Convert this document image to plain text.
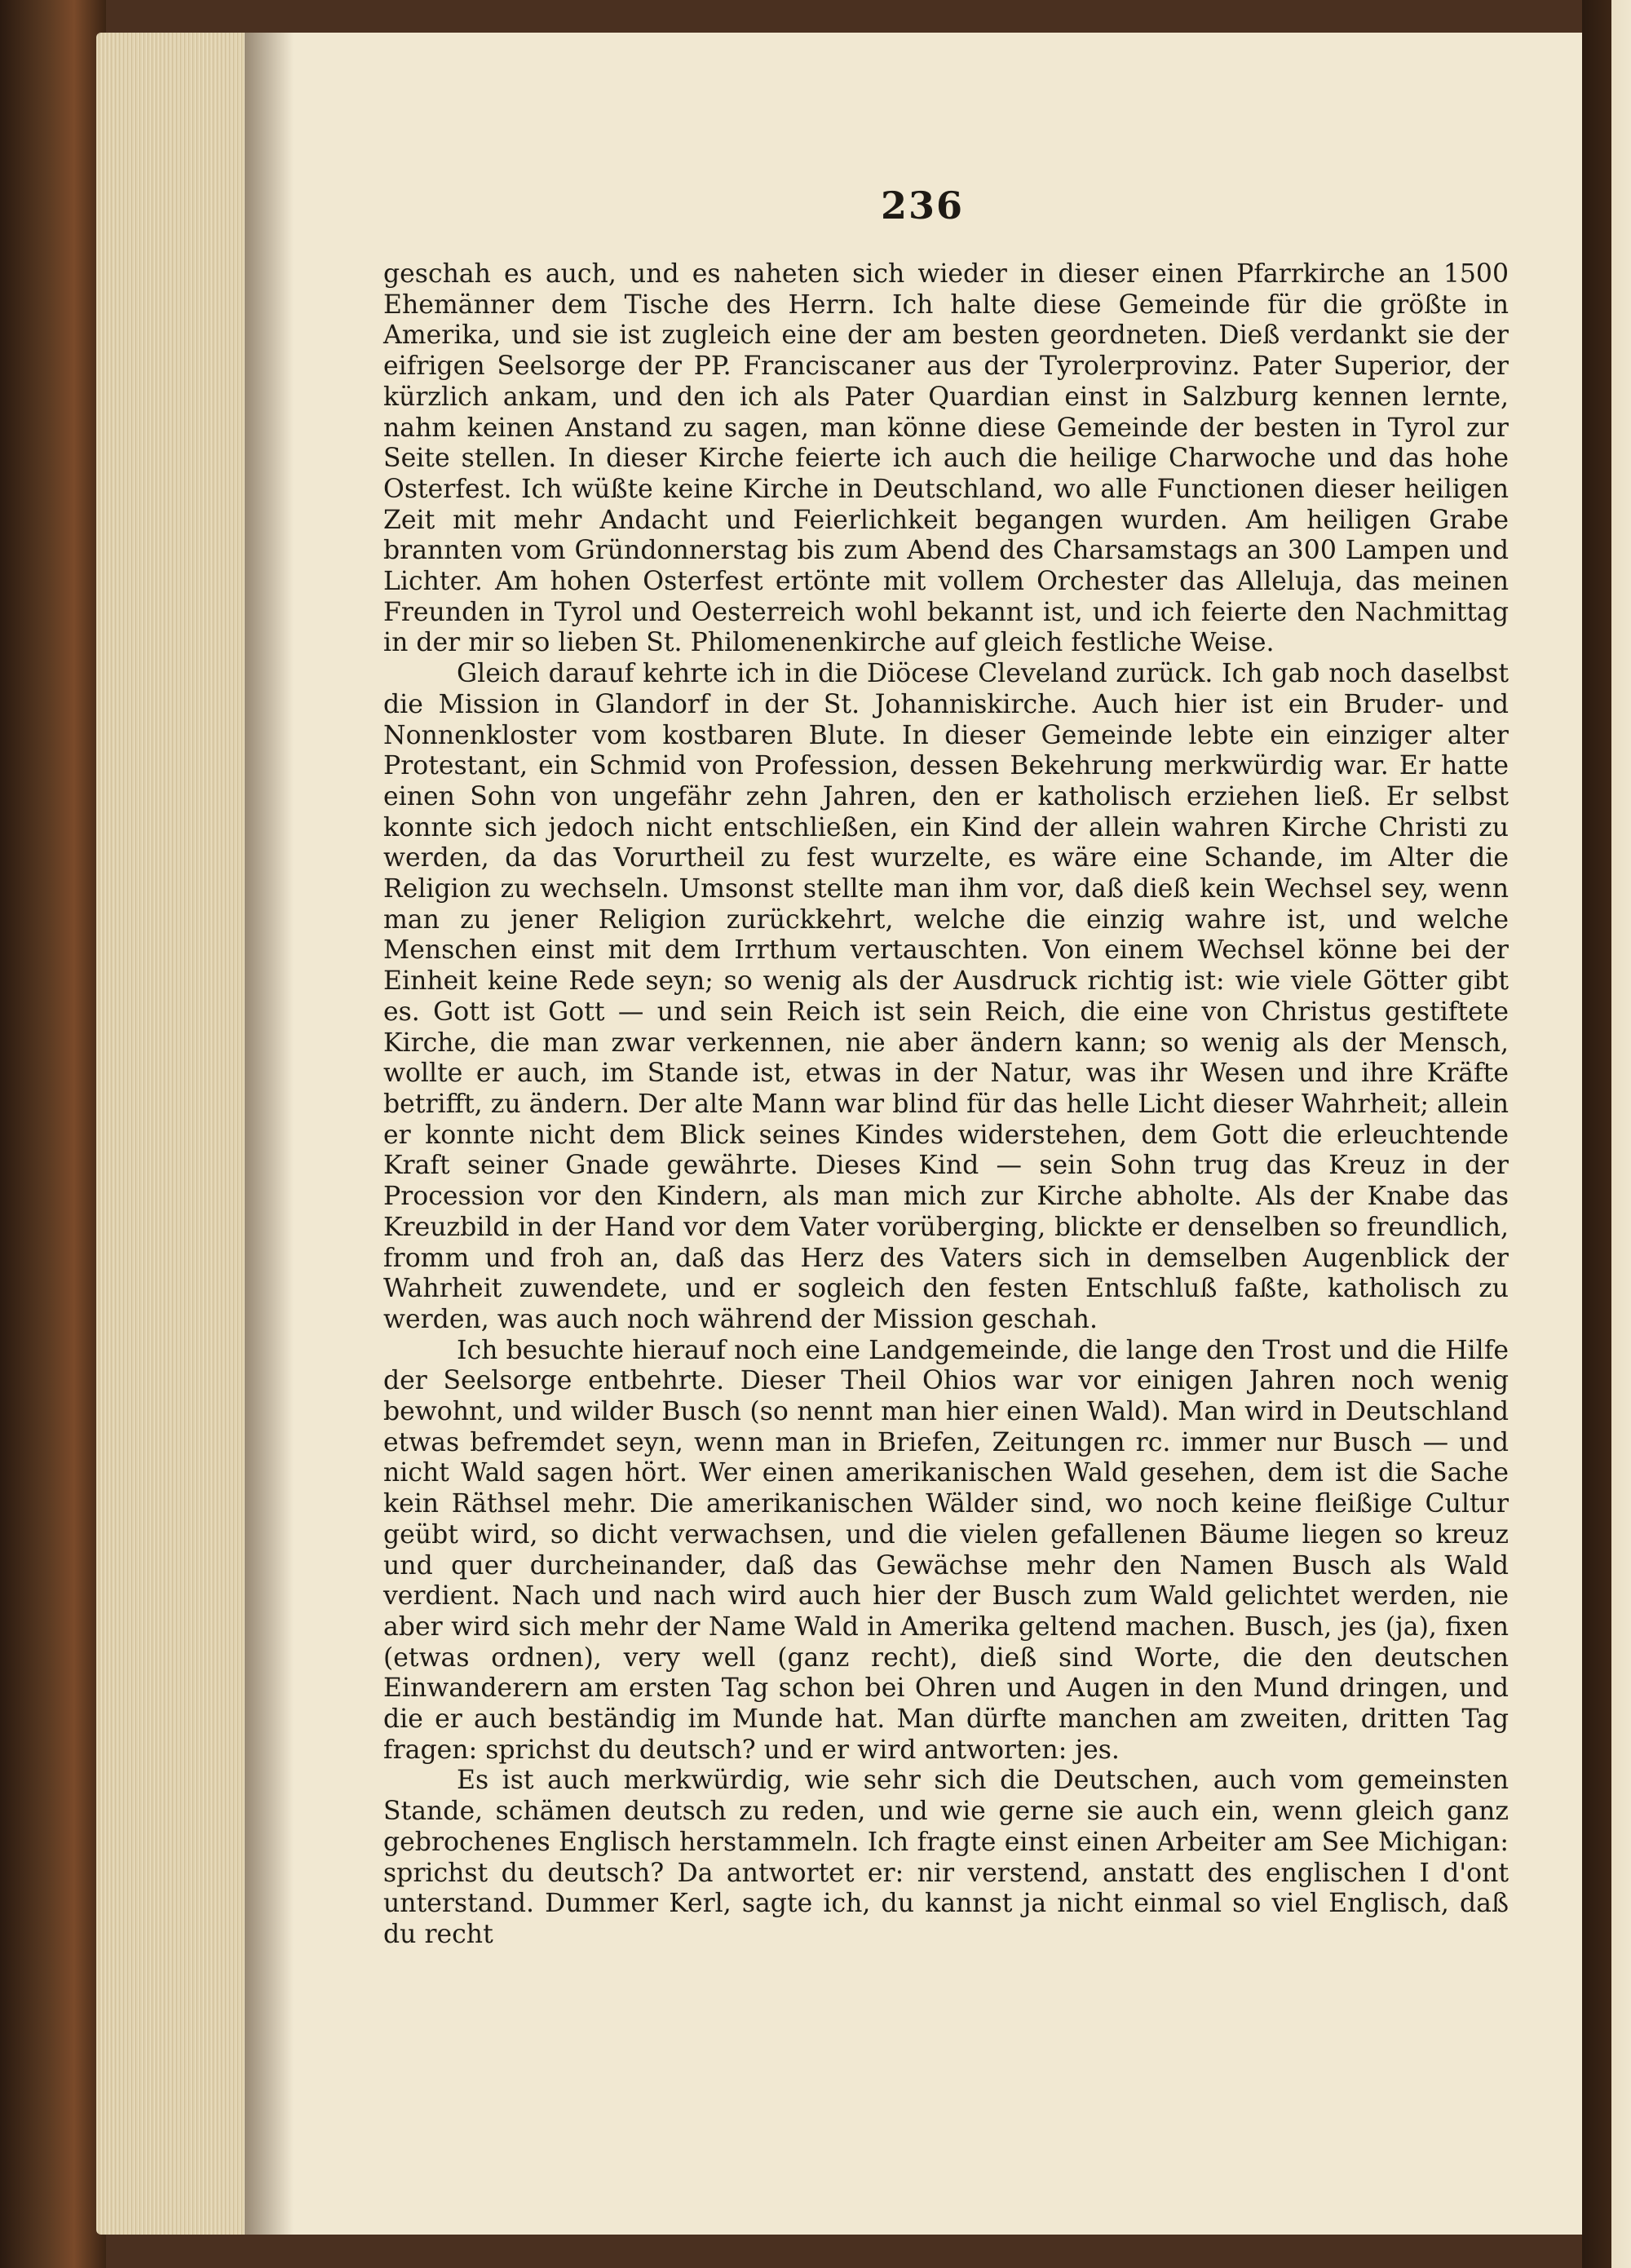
236

geschah es auch, und es naheten sich wieder in dieser einen Pfarrkirche an 1500 Ehemänner dem Tische des Herrn. Ich halte diese Gemeinde für die größte in Amerika, und sie ist zugleich eine der am besten geordneten. Dieß verdankt sie der eifrigen Seelsorge der PP. Franciscaner aus der Tyrolerprovinz. Pater Superior, der kürzlich ankam, und den ich als Pater Quardian einst in Salzburg kennen lernte, nahm keinen Anstand zu sagen, man könne diese Gemeinde der besten in Tyrol zur Seite stellen. In dieser Kirche feierte ich auch die heilige Charwoche und das hohe Osterfest. Ich wüßte keine Kirche in Deutschland, wo alle Functionen dieser heiligen Zeit mit mehr Andacht und Feierlichkeit begangen wurden. Am heiligen Grabe brannten vom Gründonnerstag bis zum Abend des Charsamstags an 300 Lampen und Lichter. Am hohen Osterfest ertönte mit vollem Orchester das Alleluja, das meinen Freunden in Tyrol und Oesterreich wohl bekannt ist, und ich feierte den Nachmittag in der mir so lieben St. Philomenenkirche auf gleich festliche Weise.

Gleich darauf kehrte ich in die Diöcese Cleveland zurück. Ich gab noch daselbst die Mission in Glandorf in der St. Johanniskirche. Auch hier ist ein Bruder- und Nonnenkloster vom kostbaren Blute. In dieser Gemeinde lebte ein einziger alter Protestant, ein Schmid von Profession, dessen Bekehrung merkwürdig war. Er hatte einen Sohn von ungefähr zehn Jahren, den er katholisch erziehen ließ. Er selbst konnte sich jedoch nicht entschließen, ein Kind der allein wahren Kirche Christi zu werden, da das Vorurtheil zu fest wurzelte, es wäre eine Schande, im Alter die Religion zu wechseln. Umsonst stellte man ihm vor, daß dieß kein Wechsel sey, wenn man zu jener Religion zurückkehrt, welche die einzig wahre ist, und welche Menschen einst mit dem Irrthum vertauschten. Von einem Wechsel könne bei der Einheit keine Rede seyn; so wenig als der Ausdruck richtig ist: wie viele Götter gibt es. Gott ist Gott — und sein Reich ist sein Reich, die eine von Christus gestiftete Kirche, die man zwar verkennen, nie aber ändern kann; so wenig als der Mensch, wollte er auch, im Stande ist, etwas in der Natur, was ihr Wesen und ihre Kräfte betrifft, zu ändern. Der alte Mann war blind für das helle Licht dieser Wahrheit; allein er konnte nicht dem Blick seines Kindes widerstehen, dem Gott die erleuchtende Kraft seiner Gnade gewährte. Dieses Kind — sein Sohn trug das Kreuz in der Procession vor den Kindern, als man mich zur Kirche abholte. Als der Knabe das Kreuzbild in der Hand vor dem Vater vorüberging, blickte er denselben so freundlich, fromm und froh an, daß das Herz des Vaters sich in demselben Augenblick der Wahrheit zuwendete, und er sogleich den festen Entschluß faßte, katholisch zu werden, was auch noch während der Mission geschah.

Ich besuchte hierauf noch eine Landgemeinde, die lange den Trost und die Hilfe der Seelsorge entbehrte. Dieser Theil Ohios war vor einigen Jahren noch wenig bewohnt, und wilder Busch (so nennt man hier einen Wald). Man wird in Deutschland etwas befremdet seyn, wenn man in Briefen, Zeitungen rc. immer nur Busch — und nicht Wald sagen hört. Wer einen amerikanischen Wald gesehen, dem ist die Sache kein Räthsel mehr. Die amerikanischen Wälder sind, wo noch keine fleißige Cultur geübt wird, so dicht verwachsen, und die vielen gefallenen Bäume liegen so kreuz und quer durcheinander, daß das Gewächse mehr den Namen Busch als Wald verdient. Nach und nach wird auch hier der Busch zum Wald gelichtet werden, nie aber wird sich mehr der Name Wald in Amerika geltend machen. Busch, jes (ja), fixen (etwas ordnen), very well (ganz recht), dieß sind Worte, die den deutschen Einwanderern am ersten Tag schon bei Ohren und Augen in den Mund dringen, und die er auch beständig im Munde hat. Man dürfte manchen am zweiten, dritten Tag fragen: sprichst du deutsch? und er wird antworten: jes.

Es ist auch merkwürdig, wie sehr sich die Deutschen, auch vom gemeinsten Stande, schämen deutsch zu reden, und wie gerne sie auch ein, wenn gleich ganz gebrochenes Englisch herstammeln. Ich fragte einst einen Arbeiter am See Michigan: sprichst du deutsch? Da antwortet er: nir verstend, anstatt des englischen I d'ont unterstand. Dummer Kerl, sagte ich, du kannst ja nicht einmal so viel Englisch, daß du recht
